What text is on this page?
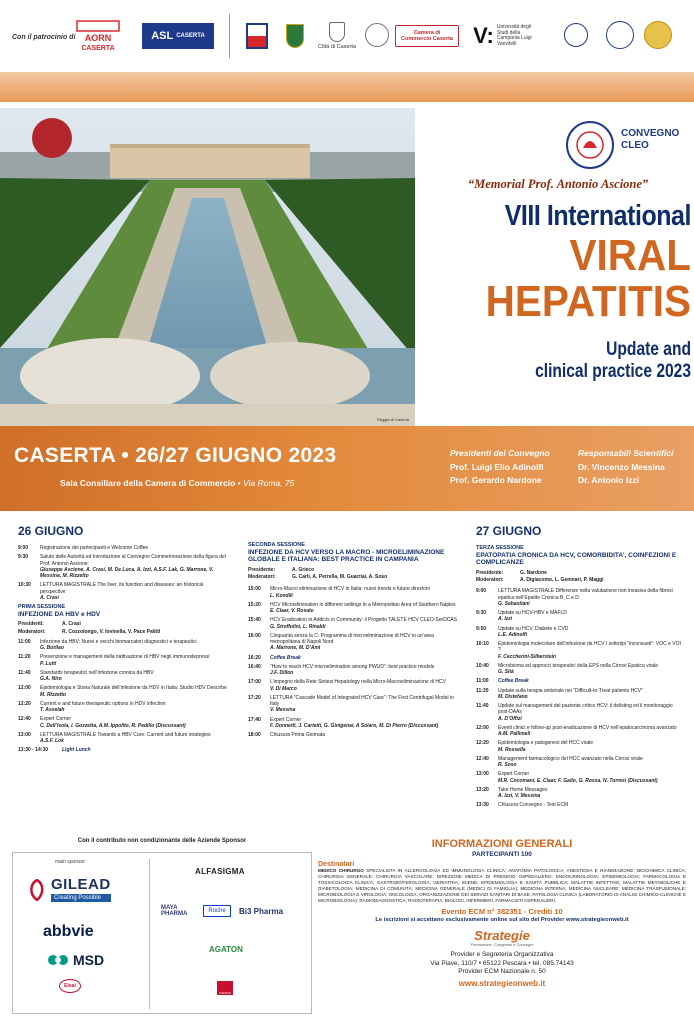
Con il patrocinio di AORN
CASERTA
ASL CASERTA
Città di Caserta
Camera di Commercio Caserta V: Università degli Studi della Campania Luigi Vanvitelli
CONVEGNO CLEO
“Memorial Prof. Antonio Ascione”
VIII International
VIRAL
HEPATITIS
Update and
clinical practice 2023
Reggia di Caserta
CASERTA • 26/27 GIUGNO 2023
Sala Consiliare della Camera di Commercio • Via Roma, 75
Presidenti del Convegno
Prof. Luigi Elio Adinolfi
Prof. Gerardo Nardone
Responsabili Scientifici
Dr. Vincenzo Messina
Dr. Antonio Izzi
26 GIUGNO
9:00	Registrazione dei partecipanti e Welcome Coffee
9:30	Saluto delle Autorità ed Introduzione al Convegno Commemorazione della figura del Prof. Antonio Ascione:
Giuseppe Ascione, A. Crasì, M. De Luca, A. Izzi, A.S.F. Lak, G. Marrone, V. Messina, M. Rizzetto
10:30	LETTURA MAGISTRALE The liver, its function and diseases: an historical perspective
A. Crasì
PRIMA SESSIONE
INFEZIONE DA HBV e HDV
Presidenti:	A. Crasì
Moderatori:	R. Cozzolongo, V. Iovinella, V. Pace Palitti
11:00	Infezione da HBV: Nuovi e vecchi biomarcatori diagnostici e terapeutici
G. Borilao
11:20	Prevenzione e management della riattivazione di HBV negli immunodepressi
P. Lutti
11:40	Standards terapeutici nell’infezione cronica da HBV
G.A. Niro
12:00	Epidemiologia e Storia Naturale dell’infezione da HDV in Italia: Studio HDV Describe
M. Rizzetto
12:20	Current e and future therapeutic options in HDV infection
T. Asselah
12:40	Expert Corner
C. Dell’Isola, I. Gozzetta, A.M. Ippolito, R. Pedilio (Discussant)
13:00	LETTURA MAGISTRALE Towards a HBV Cure: Current and future strategies
A.S.F. Lok
13:30 - 14:30	Light Lunch
SECONDA SESSIONE
INFEZIONE DA HCV VERSO LA MACRO - MICROELIMINAZIONE GLOBALE E ITALIANA: BEST PRACTICE IN CAMPANIA
Presidente:	A. Grieco
Moderatori:	G. Carli, A. Perrella, M. Guarriai, A. Soso
15:00	Micro-Macro eliminazione di HCV in Italia: nuovi trends e future direzioni
L. Kondili
15:20	HCV Microelimination in different settings in a Metropolitan Area of Southern Naples
E. Claar, V. Rosato
15:40	HCV Eradication in Addicts in Community: il Progetto TALETE HCV CLEO-SerDCAS
G. Stroffolini, L. Rinaldi
16:00	Cinquanta senza la C: Programma di microeliminazione di HCV in un’area metropolitana di Napoli Nord
A. Marrone, M. D’Amì
16:20	Coffee Break
16:40	“How to reach HCV microelimination among PWUD”: best practice models
J.F. Dillon
17:00	L’impegno della Rete Sintesi Hepatology nella Micro-Macroeliminazione di HCV
V. Di Marco
17:20	LETTURA “Cascade Model of Integrated HCV Care”: The First Centrifugal Model in Italy
V. Messina
17:40	Expert Corner
F. Donnetti, J. Carletti, G. Ginigenai, A Solaro, M. Di Pierro (Discussant)
18:00	Chiusura Prima Giornata
27 GIUGNO
TERZA SESSIONE
EPATOPATIA CRONICA DA HCV, COMORBIDITA’, COINFEZIONI E COMPLICANZE
Presidente:	G. Nardone
Moderatori:	A. Digiacomo, L. Gemnari, P. Maggi
9:00	LETTURA MAGISTRALE Differenze nella valutazione non invasiva della fibrosi epatica nell’Epatite Cronica B, C e D
G. Sebastiani
9:30	Update su HCV-HBV e MAFLD
A. Izzi
9:50	Update su HCV, Diabete e CVD
L.E. Adinolfi
10:10	Epidemiologia molecolare dell’infezione da HCV I sottotipi “inconsueti”: VOC e VOI ?
F. Ceccherini-Silberstein
10:40	Microbioma ed approcci terapeutici della EPS nella Cirrosi Epatica virale
G. Sità
11:00	Coffee Break
11:20	Update sulla terapia antivirale nei “Difficult-to-Treat patients HCV”
M. Distefano
11:40	Update sul management del paziente critico HCV: il delisting ed il monitoraggio post-DAAs
A. D’Offizi
12:00	Eventi clinici e follow-up post-eradicazione di HCV nell’epatocarcinoma avanzato
A.M. Pallimeli
12:20	Epidemiologia e patogenesi del HCC virale
M. Rossella
12:40	Management farmacologico del HCC avanzato nella Cirrosi virale
R. Soso
13:00	Expert Corner
M.R. Cocomani, E. Claar, F. Gallo, G. Rossa, N. Torresi (Discussant)
13:20	Take Home Messages
A. Izzi, V. Messina
13:30	Chiusura Convegno - Test ECM
Con il contributo non condizionante delle Aziende Sponsor
main sponsor
GILEAD
Creating Possible
abbvie
MSD
Eisai
ALFASIGMA
MAYA PHARMA
Roche	Bi3 Pharma
AGATON
NADIOS
INFORMAZIONI GENERALI
PARTECIPANTI 100
Destinatari
MEDICO CHIRURGO SPECIALISTA IN ALLERGOLOGIA ED IMMUNOLOGIA CLINICA; ANATOMIA PATOLOGICA; ANESTESIA E RIANIMAZIONE; BIOCHIMICA CLINICA; CHIRURGIA GENERALE; CHIRURGIA VASCOLARE; DIREZIONE MEDICA DI PRESIDIO OSPEDALIERO; ENDOCRINOLOGIA; EPIDEMIOLOGIA; FARMACOLOGIA E TOSSICOLOGIA CLINICA; GASTROENTEROLOGIA; GERIATRIA; IGIENE, EPIDEMIOLOGIA E SANITÀ PUBBLICA; MALATTIE INFETTIVE; MALATTIE METABOLICHE E DIABETOLOGIA; MEDICINA DI COMUNITÀ; MEDICINA GENERALE (MEDICI DI FAMIGLIA); MEDICINA INTERNA; MEDICINA NUCLEARE; MEDICINA TRASFUSIONALE; MICROBIOLOGIA E VIROLOGIA; ONCOLOGIA; ORGANIZZAZIONE DEI SERVIZI SANITARI DI BASE; PATOLOGIA CLINICA (LABORATORIO DI ANALISI CHIMICO-CLINICHE E MICROBIOLOGIA); RADIODIAGNOSTICA; RADIOTERAPIA; BIOLOGI, INFERMIERI, FARMACISTI OSPEDALIERI.
Evento ECM n° 382351 - Crediti 10
Le iscrizioni si accettano esclusivamente online sul sito del Provider www.strategieonweb.it
Strategie
Formazione, Congressi e Convegni
Provider e Segreteria Organizzativa
Via Piave, 110/7 • 65122 Pescara • tel. 085.74143
Provider ECM Nazionale n. 50
www.strategieonweb.it
